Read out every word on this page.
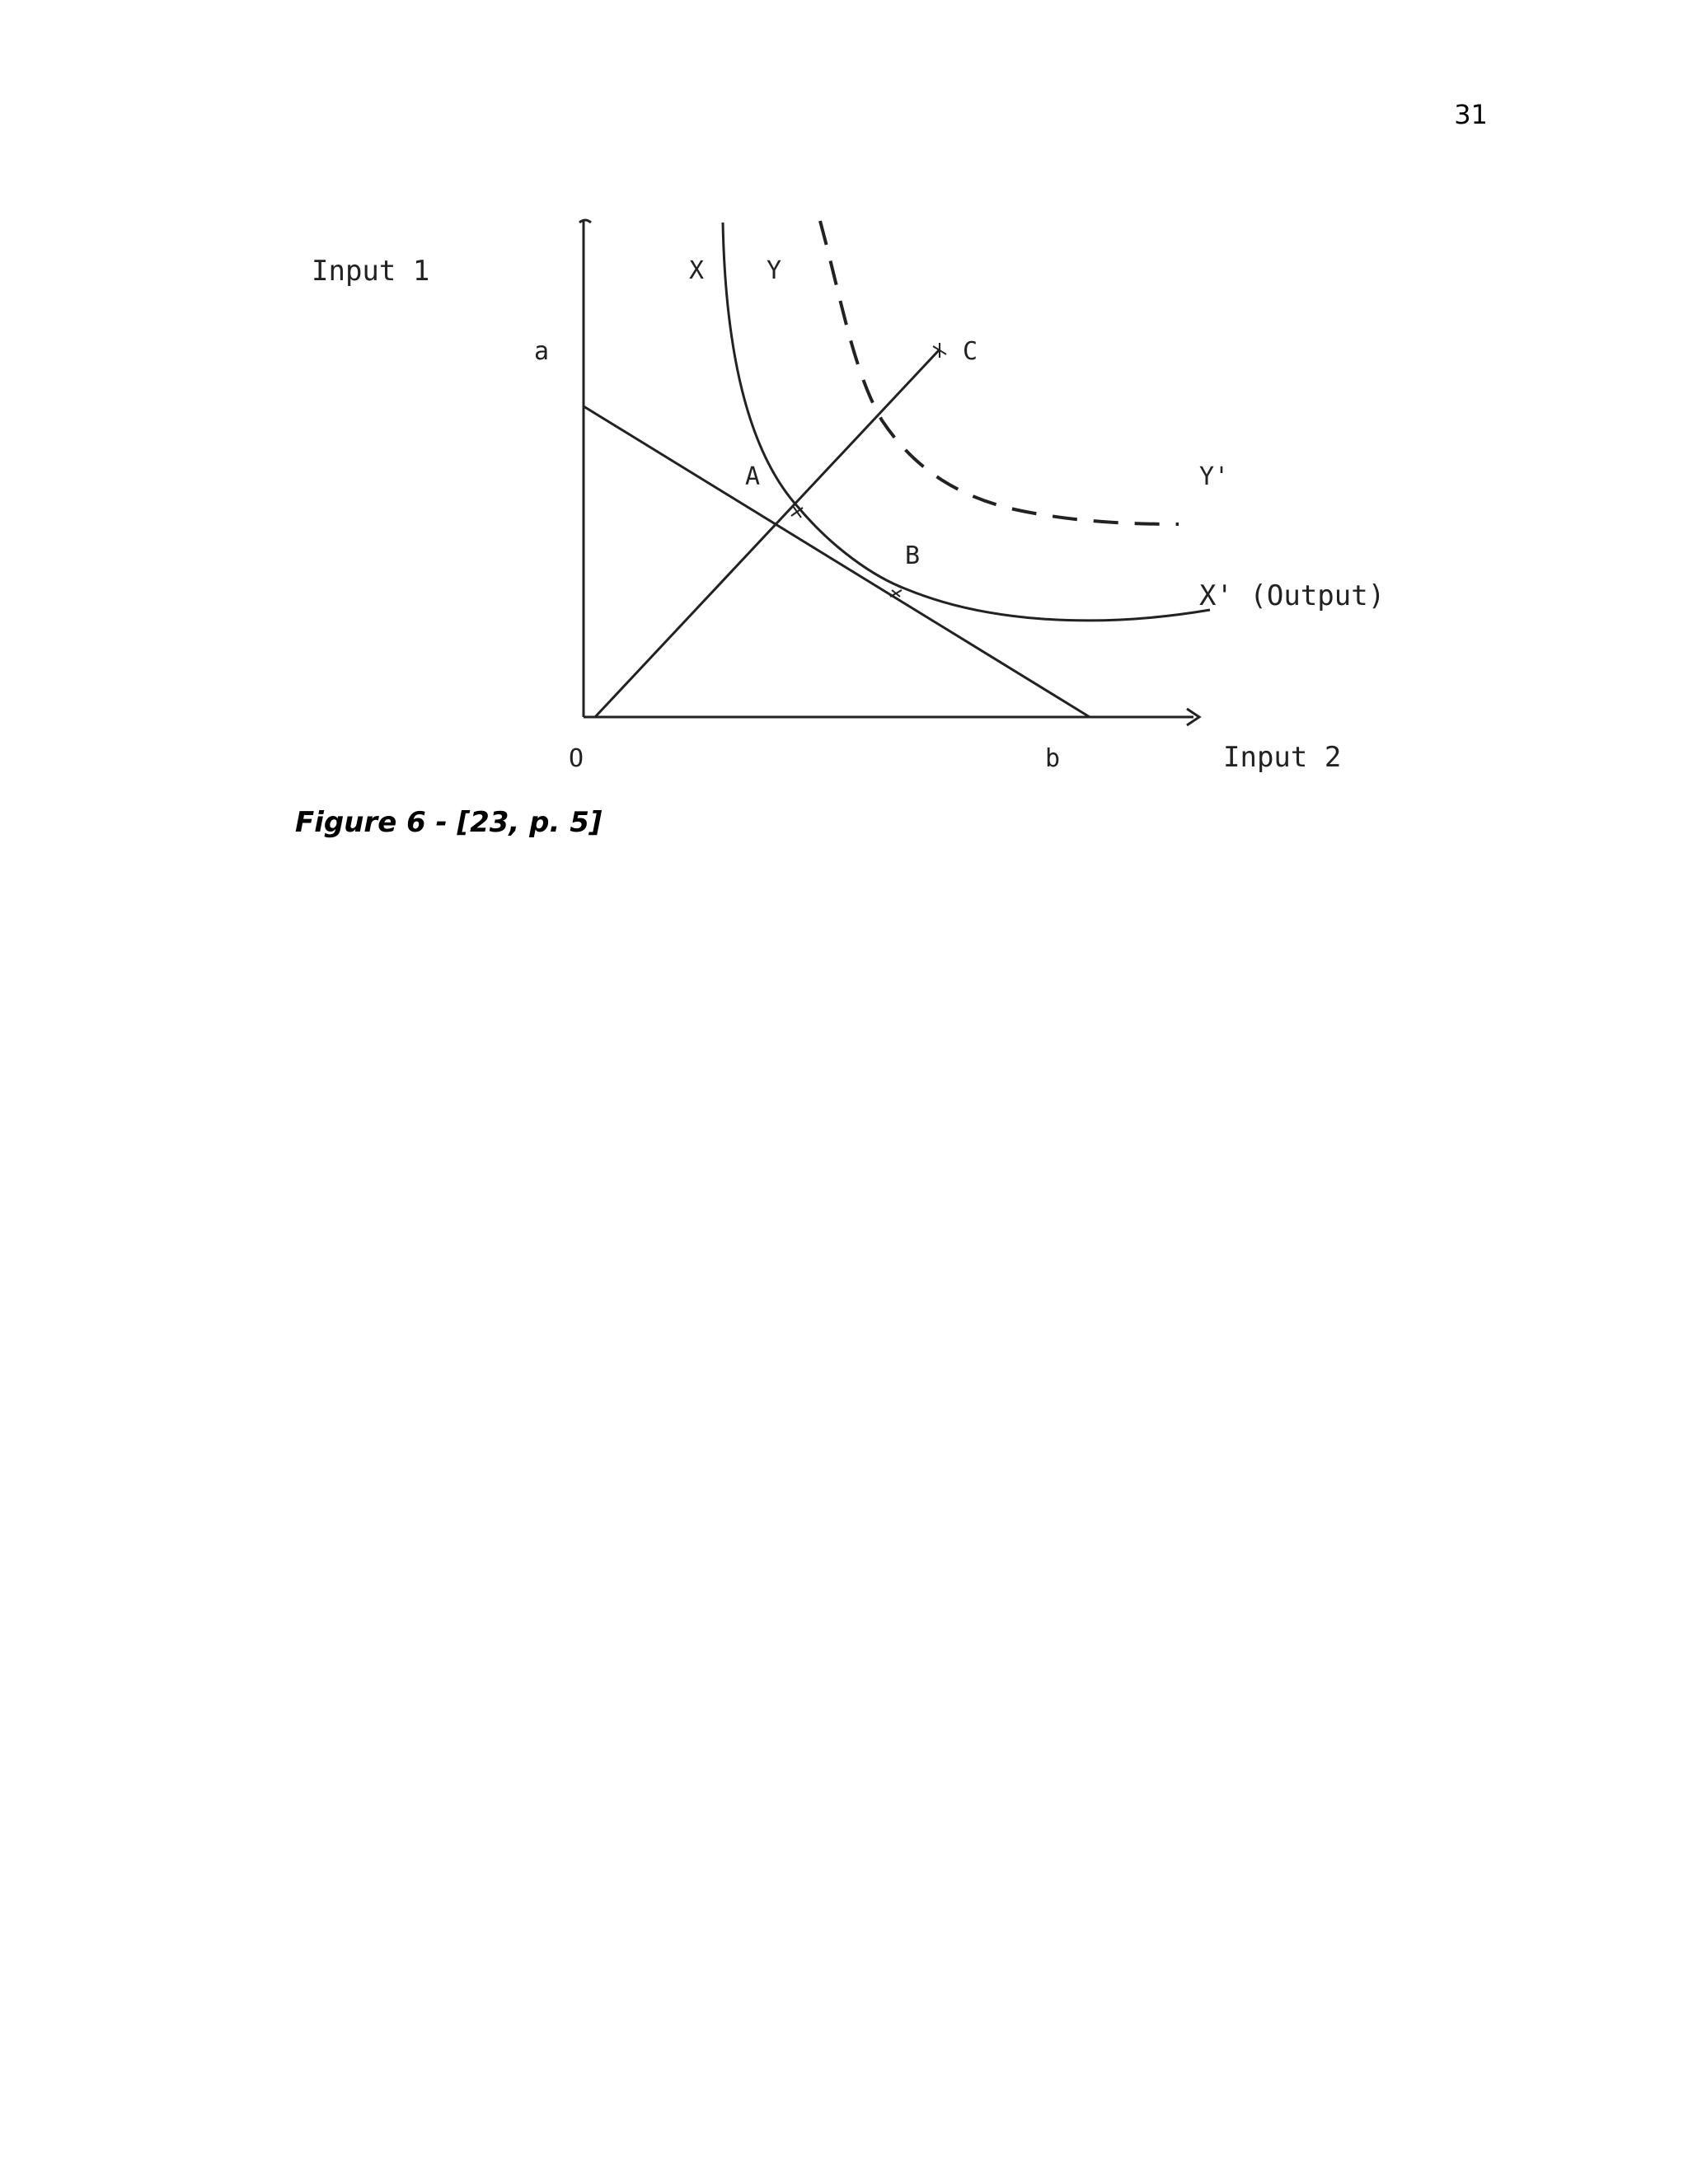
31
Input 1
a
X	Y
C
A
B
Y'
X' (Output)
O	b	Input 2
Figure 6 - [23, p. 5]
